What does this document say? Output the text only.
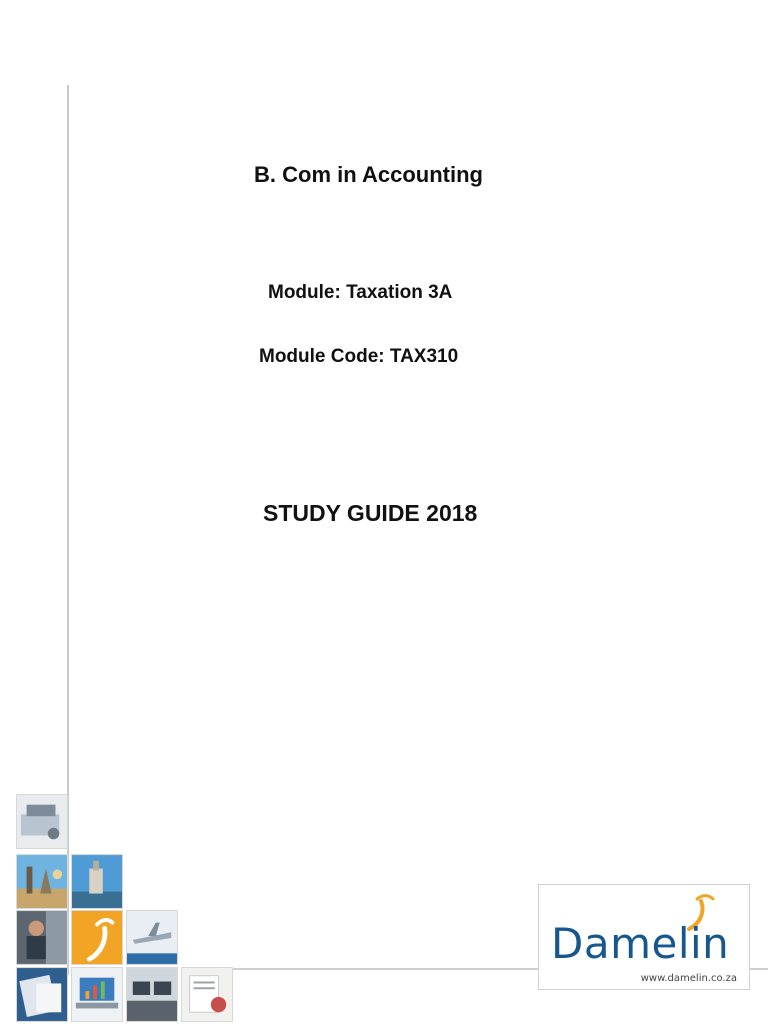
B. Com in Accounting
Module: Taxation 3A
Module Code: TAX310
STUDY GUIDE 2018
Damelin
www.damelin.co.za
